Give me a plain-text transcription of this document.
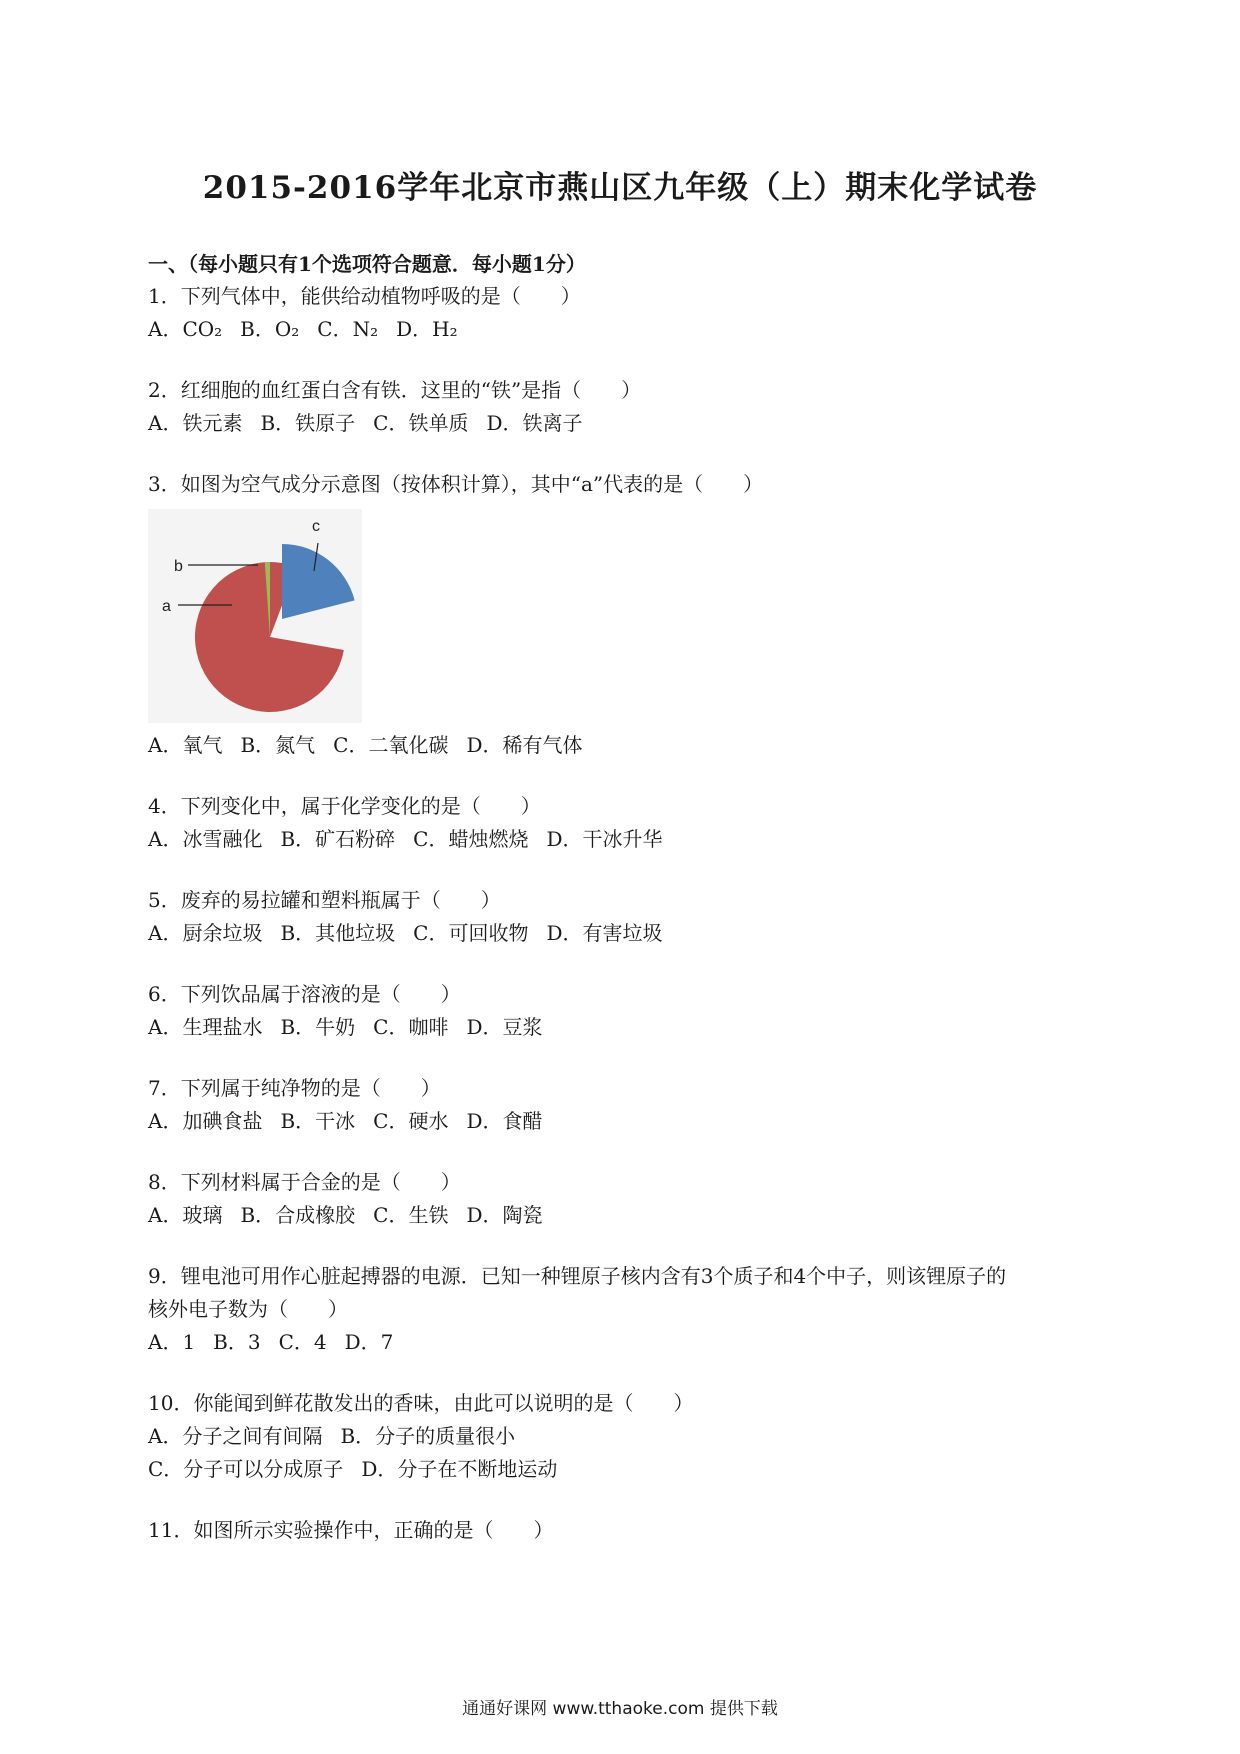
2015-2016学年北京市燕山区九年级（上）期末化学试卷
一、（每小题只有1个选项符合题意．每小题1分）
1．下列气体中，能供给动植物呼吸的是（　　）
A．CO₂ B．O₂ C．N₂ D．H₂
2．红细胞的血红蛋白含有铁．这里的“铁”是指（　　）
A．铁元素 B．铁原子 C．铁单质 D．铁离子
3．如图为空气成分示意图（按体积计算），其中“a”代表的是（　　）
a
b
c
A．氧气 B．氮气 C．二氧化碳 D．稀有气体
4．下列变化中，属于化学变化的是（　　）
A．冰雪融化 B．矿石粉碎 C．蜡烛燃烧 D．干冰升华
5．废弃的易拉罐和塑料瓶属于（　　）
A．厨余垃圾 B．其他垃圾 C．可回收物 D．有害垃圾
6．下列饮品属于溶液的是（　　）
A．生理盐水 B．牛奶 C．咖啡 D．豆浆
7．下列属于纯净物的是（　　）
A．加碘食盐 B．干冰 C．硬水 D．食醋
8．下列材料属于合金的是（　　）
A．玻璃 B．合成橡胶 C．生铁 D．陶瓷
9．锂电池可用作心脏起搏器的电源．已知一种锂原子核内含有3个质子和4个中子，则该锂原子的
核外电子数为（　　）
A．1 B．3 C．4 D．7
10．你能闻到鲜花散发出的香味，由此可以说明的是（　　）
A．分子之间有间隔 B．分子的质量很小
C．分子可以分成原子 D．分子在不断地运动
11．如图所示实验操作中，正确的是（　　）
通通好课网 www.tthaoke.com 提供下载
